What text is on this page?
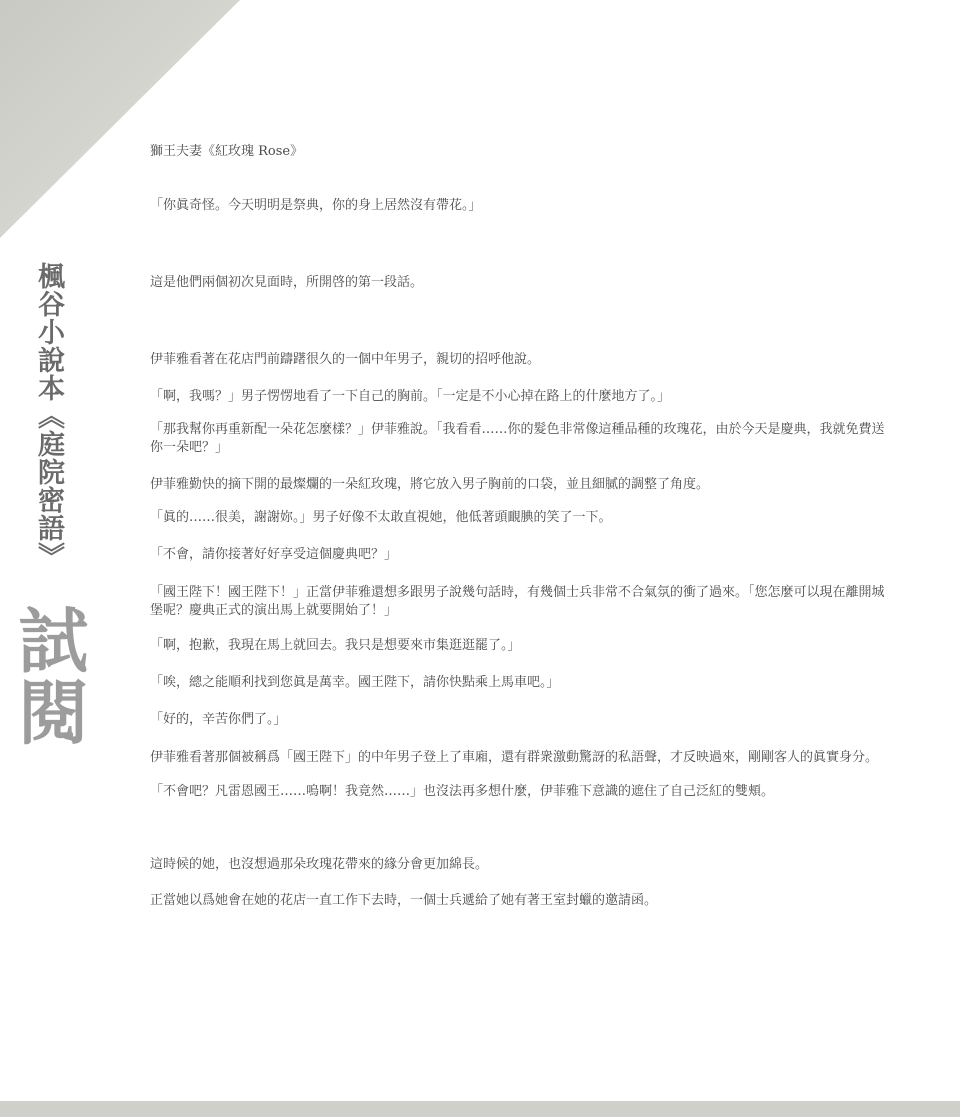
楓谷小說本《庭院密語》
試閱

獅王夫妻《紅玫瑰 Rose》

「你眞奇怪。今天明明是祭典，你的身上居然沒有帶花。」

這是他們兩個初次見面時，所開啓的第一段話。

伊菲雅看著在花店門前躊躇很久的一個中年男子，親切的招呼他說。

「啊，我嗎？」男子愣愣地看了一下自己的胸前。「一定是不小心掉在路上的什麼地方了。」

「那我幫你再重新配一朵花怎麼樣？」伊菲雅說。「我看看……你的髮色非常像這種品種的玫瑰花，由於今天是慶典，我就免費送你一朵吧？」

伊菲雅勤快的摘下開的最燦爛的一朵紅玫瑰，將它放入男子胸前的口袋，並且細膩的調整了角度。

「眞的……很美，謝謝妳。」男子好像不太敢直視她，他低著頭靦腆的笑了一下。

「不會，請你接著好好享受這個慶典吧？」

「國王陛下！國王陛下！」正當伊菲雅還想多跟男子說幾句話時，有幾個士兵非常不合氣氛的衝了過來。「您怎麼可以現在離開城堡呢？慶典正式的演出馬上就要開始了！」

「啊，抱歉，我現在馬上就回去。我只是想要來市集逛逛罷了。」

「唉，總之能順利找到您眞是萬幸。國王陛下，請你快點乘上馬車吧。」

「好的，辛苦你們了。」

伊菲雅看著那個被稱爲「國王陛下」的中年男子登上了車廂，還有群衆激動驚訝的私語聲，才反映過來，剛剛客人的眞實身分。

「不會吧？凡雷恩國王……嗚啊！我竟然……」也沒法再多想什麼，伊菲雅下意識的遮住了自己泛紅的雙頰。

這時候的她，也沒想過那朵玫瑰花帶來的緣分會更加綿長。

正當她以爲她會在她的花店一直工作下去時，一個士兵遞給了她有著王室封蠟的邀請函。
